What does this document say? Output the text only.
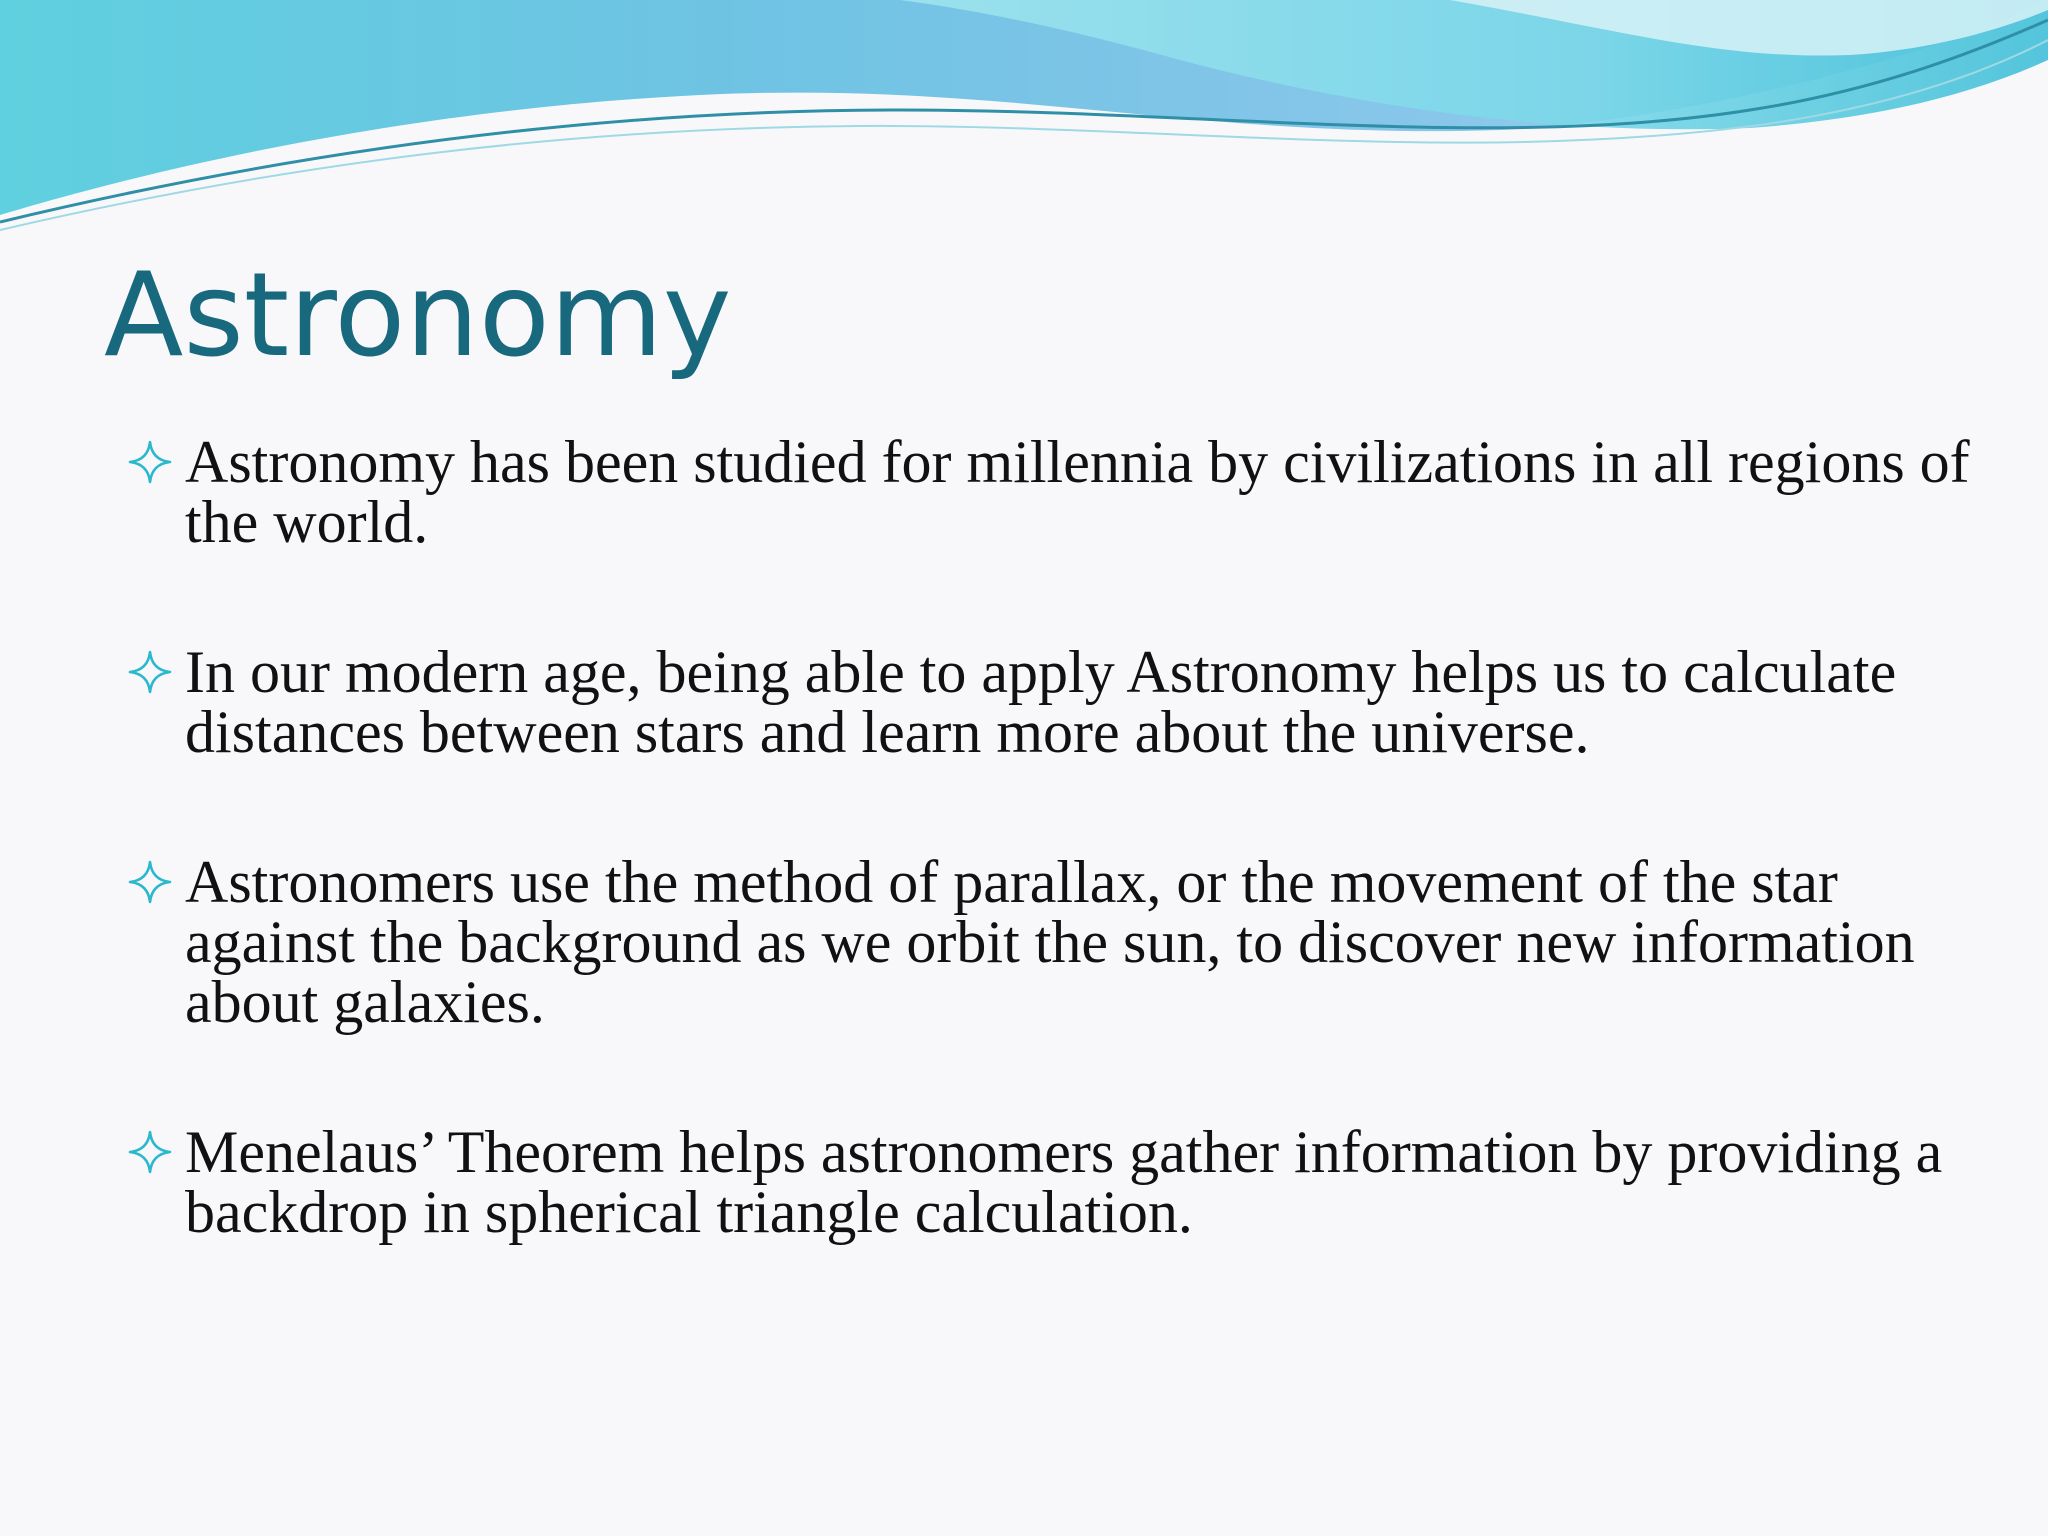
Astronomy
Astronomy has been studied for millennia by civilizations in all regions of the world.
In our modern age, being able to apply Astronomy helps us to calculate distances between stars and learn more about the universe.
Astronomers use the method of parallax, or the movement of the star against the background as we orbit the sun, to discover new information about galaxies.
Menelaus’ Theorem helps astronomers gather information by providing a backdrop in spherical triangle calculation.
